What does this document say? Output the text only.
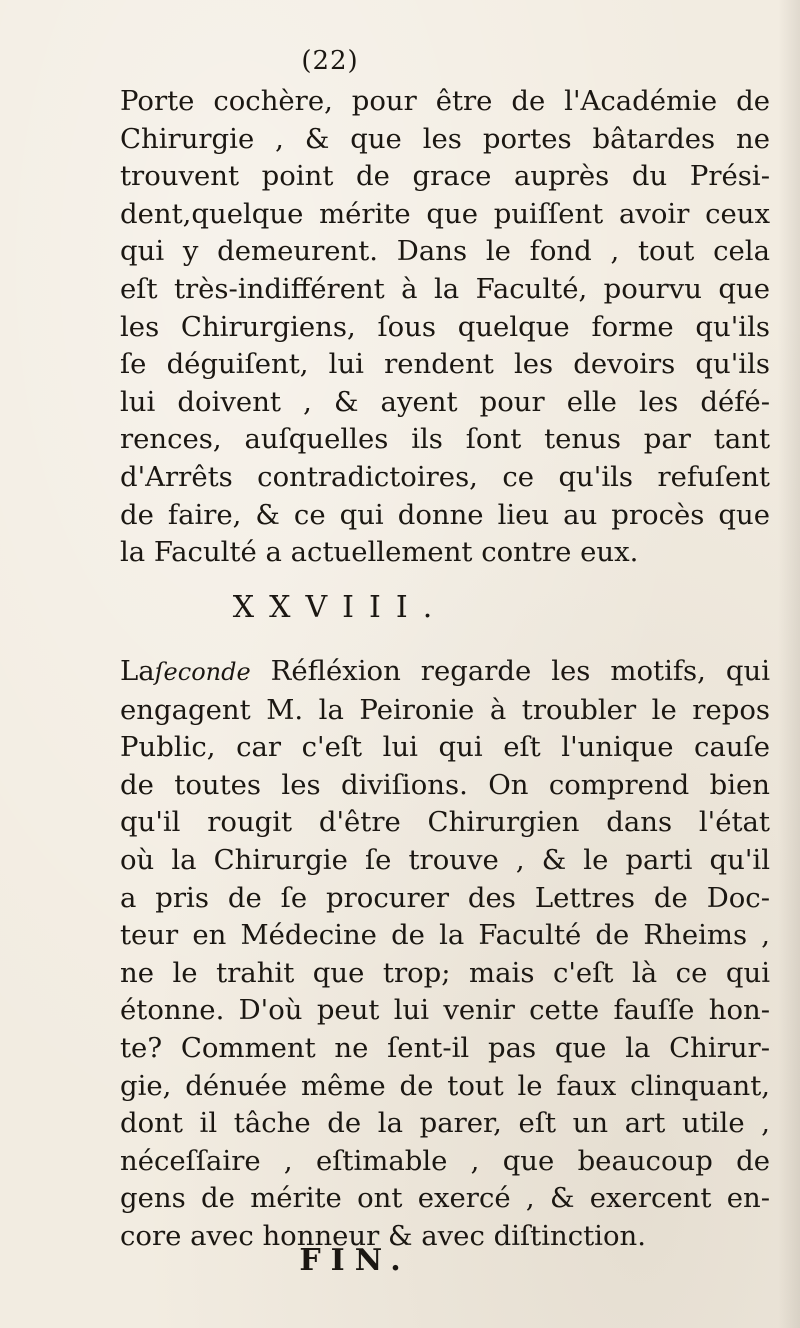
(22)
Porte cochère, pour être de l'Académie de
Chirurgie , & que les portes bâtardes ne
trouvent point de grace auprès du Prési-
dent,quelque mérite que puiſſent avoir ceux
qui y demeurent. Dans le fond , tout cela
eſt très-indifférent à la Faculté, pourvu que
les Chirurgiens, ſous quelque forme qu'ils
ſe déguiſent, lui rendent les devoirs qu'ils
lui doivent , & ayent pour elle les défé-
rences, auſquelles ils ſont tenus par tant
d'Arrêts contradictoires, ce qu'ils refuſent
de faire, & ce qui donne lieu au procès que
la Faculté a actuellement contre eux.
XXVIII.
Laſeconde Réfléxion regarde les motifs, qui
engagent M. la Peironie à troubler le repos
Public, car c'eſt lui qui eſt l'unique cauſe
de toutes les diviſions. On comprend bien
qu'il rougit d'être Chirurgien dans l'état
où la Chirurgie ſe trouve , & le parti qu'il
a pris de ſe procurer des Lettres de Doc-
teur en Médecine de la Faculté de Rheims ,
ne le trahit que trop; mais c'eſt là ce qui
étonne. D'où peut lui venir cette fauſſe hon-
te? Comment ne ſent-il pas que la Chirur-
gie, dénuée même de tout le faux clinquant,
dont il tâche de la parer, eſt un art utile ,
néceſſaire , eſtimable , que beaucoup de
gens de mérite ont exercé , & exercent en-
core avec honneur & avec diſtinction.
FIN.
